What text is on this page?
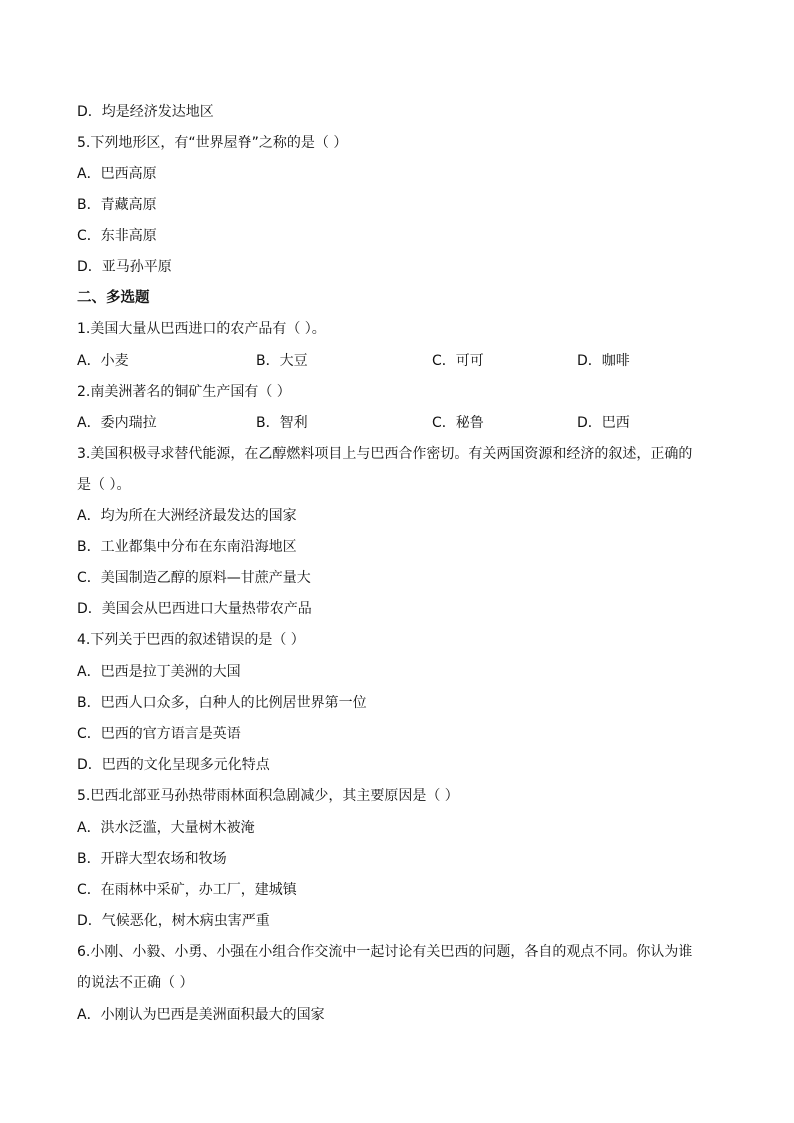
D．均是经济发达地区
5.下列地形区，有“世界屋脊”之称的是（ ）
A．巴西高原
B．青藏高原
C．东非高原
D．亚马孙平原
二、多选题
1.美国大量从巴西进口的农产品有（ ）。
A．小麦	B．大豆	C．可可	D．咖啡
2.南美洲著名的铜矿生产国有（ ）
A．委内瑞拉	B．智利	C．秘鲁	D．巴西
3.美国积极寻求替代能源，在乙醇燃料项目上与巴西合作密切。有关两国资源和经济的叙述，正确的
是（ ）。
A．均为所在大洲经济最发达的国家
B．工业都集中分布在东南沿海地区
C．美国制造乙醇的原料—甘蔗产量大
D．美国会从巴西进口大量热带农产品
4.下列关于巴西的叙述错误的是（ ）
A．巴西是拉丁美洲的大国
B．巴西人口众多，白种人的比例居世界第一位
C．巴西的官方语言是英语
D．巴西的文化呈现多元化特点
5.巴西北部亚马孙热带雨林面积急剧减少，其主要原因是（ ）
A．洪水泛滥，大量树木被淹
B．开辟大型农场和牧场
C．在雨林中采矿，办工厂，建城镇
D．气候恶化，树木病虫害严重
6.小刚、小毅、小勇、小强在小组合作交流中一起讨论有关巴西的问题，各自的观点不同。你认为谁
的说法不正确（ ）
A．小刚认为巴西是美洲面积最大的国家
